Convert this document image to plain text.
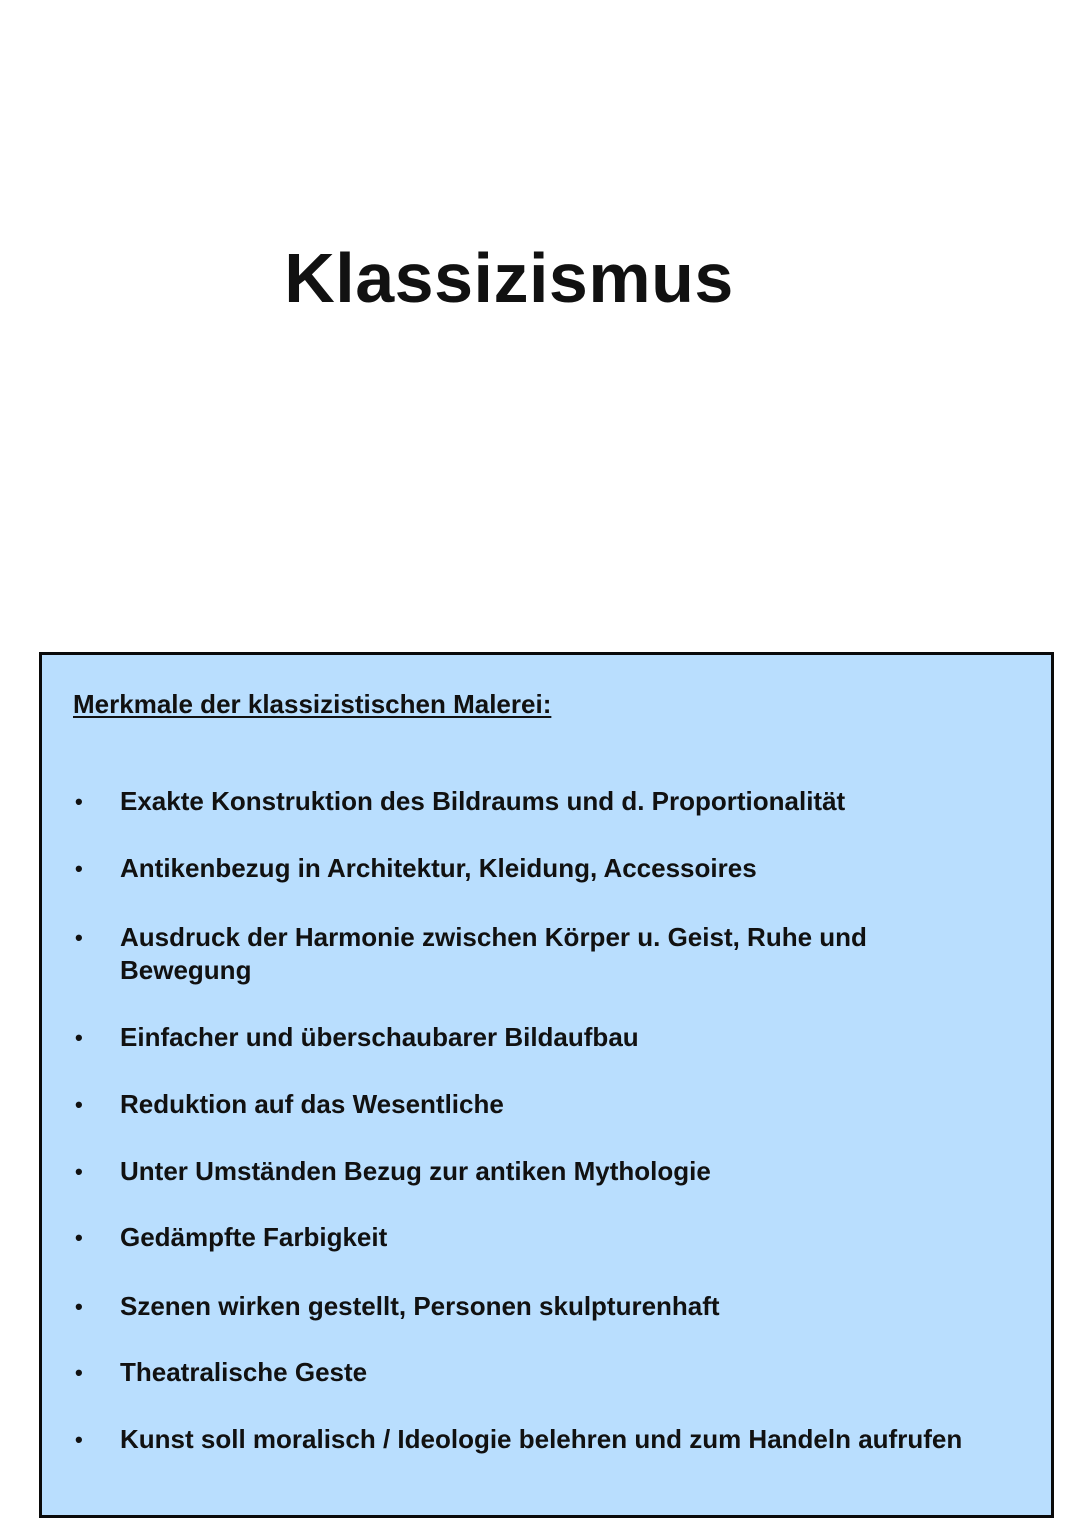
Klassizismus
Merkmale der klassizistischen Malerei:
• Exakte Konstruktion des Bildraums und d. Proportionalität
• Antikenbezug in Architektur, Kleidung, Accessoires
• Ausdruck der Harmonie zwischen Körper u. Geist, Ruhe und Bewegung
• Einfacher und überschaubarer Bildaufbau
• Reduktion auf das Wesentliche
• Unter Umständen Bezug zur antiken Mythologie
• Gedämpfte Farbigkeit
• Szenen wirken gestellt, Personen skulpturenhaft
• Theatralische Geste
• Kunst soll moralisch / Ideologie belehren und zum Handeln aufrufen
